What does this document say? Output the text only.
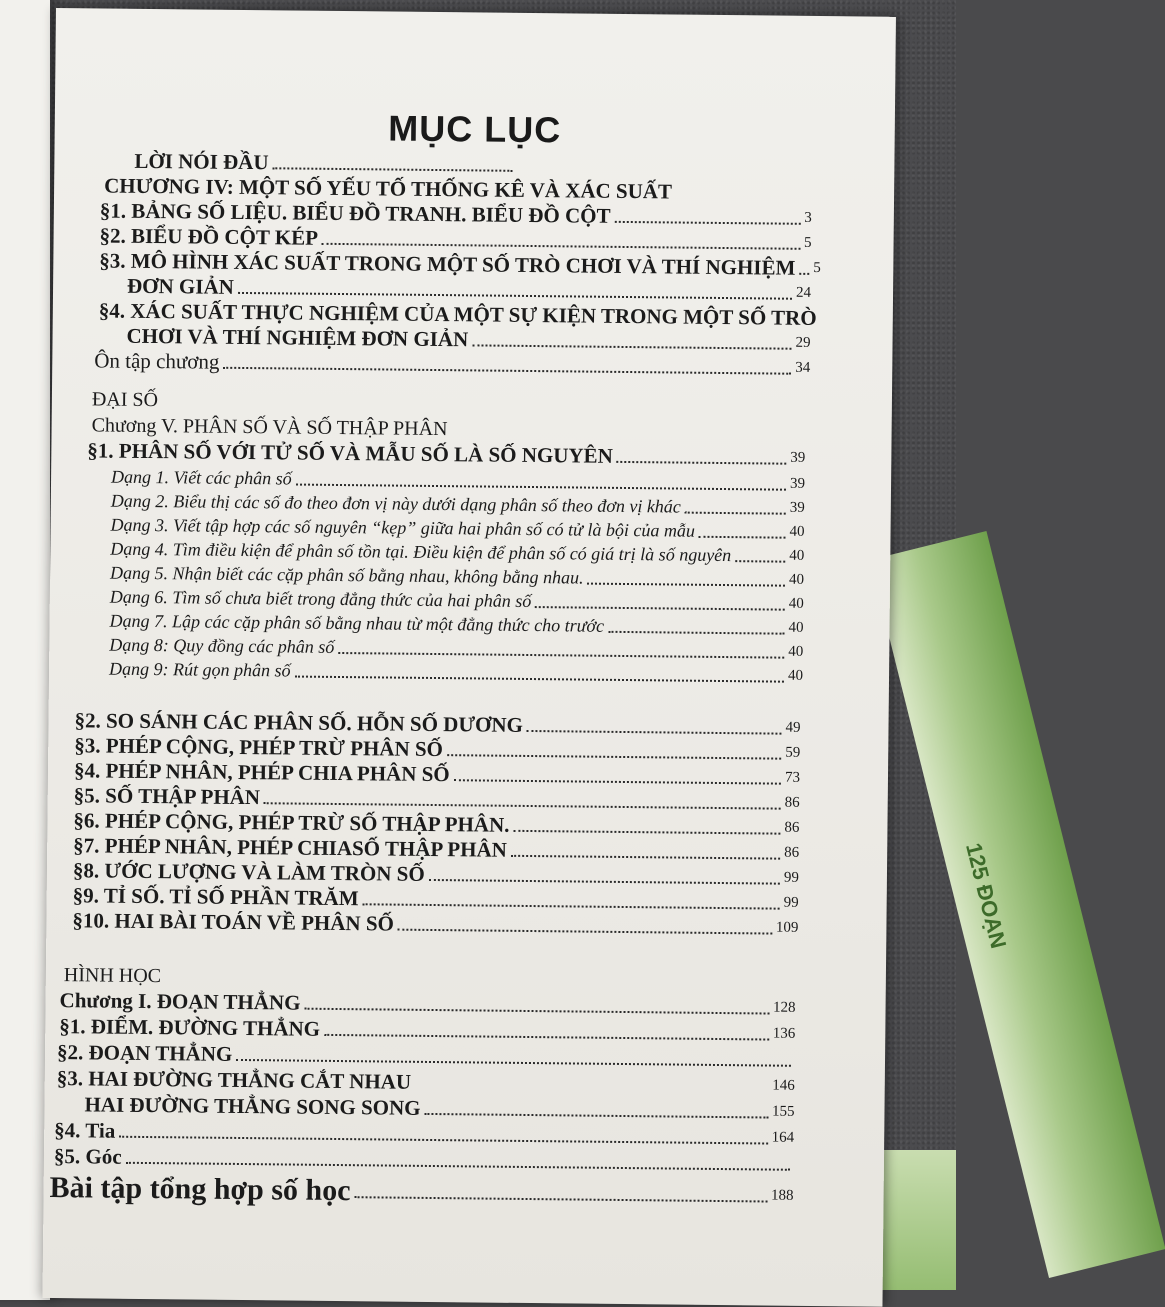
125 ĐOẠN
MỤC LỤC
LỜI NÓI ĐẦU
CHƯƠNG IV: MỘT SỐ YẾU TỐ THỐNG KÊ VÀ XÁC SUẤT
§1. BẢNG SỐ LIỆU. BIỂU ĐỒ TRANH. BIỂU ĐỒ CỘT	3
§2. BIỂU ĐỒ CỘT KÉP	5
§3. MÔ HÌNH XÁC SUẤT TRONG MỘT SỐ TRÒ CHƠI VÀ THÍ NGHIỆM 5
ĐƠN GIẢN	24
§4. XÁC SUẤT THỰC NGHIỆM CỦA MỘT SỰ KIỆN TRONG MỘT SỐ TRÒ
CHƠI VÀ THÍ NGHIỆM ĐƠN GIẢN	29
Ôn tập chương	34
ĐẠI SỐ
Chương V. PHÂN SỐ VÀ SỐ THẬP PHÂN
§1. PHÂN SỐ VỚI TỬ SỐ VÀ MẪU SỐ LÀ SỐ NGUYÊN	39
Dạng 1. Viết các phân số	39
Dạng 2. Biểu thị các số đo theo đơn vị này dưới dạng phân số theo đơn vị khác	39
Dạng 3. Viết tập hợp các số nguyên “kẹp” giữa hai phân số có tử là bội của mẫu	40
Dạng 4. Tìm điều kiện để phân số tồn tại. Điều kiện để phân số có giá trị là số nguyên	40
Dạng 5. Nhận biết các cặp phân số bằng nhau, không bằng nhau.	40
Dạng 6. Tìm số chưa biết trong đẳng thức của hai phân số	40
Dạng 7. Lập các cặp phân số bằng nhau từ một đẳng thức cho trước	40
Dạng 8: Quy đồng các phân số	40
Dạng 9: Rút gọn phân số	40
§2. SO SÁNH CÁC PHÂN SỐ. HỖN SỐ DƯƠNG	49
§3. PHÉP CỘNG, PHÉP TRỪ PHÂN SỐ	59
§4. PHÉP NHÂN, PHÉP CHIA PHÂN SỐ	73
§5. SỐ THẬP PHÂN	86
§6. PHÉP CỘNG, PHÉP TRỪ SỐ THẬP PHÂN.	86
§7. PHÉP NHÂN, PHÉP CHIASỐ THẬP PHÂN	86
§8. ƯỚC LƯỢNG VÀ LÀM TRÒN SỐ	99
§9. TỈ SỐ. TỈ SỐ PHẦN TRĂM	99
§10. HAI BÀI TOÁN VỀ PHÂN SỐ	109
HÌNH HỌC
Chương I. ĐOẠN THẲNG	128
§1. ĐIỂM. ĐƯỜNG THẲNG	136
§2. ĐOẠN THẲNG
§3. HAI ĐƯỜNG THẲNG CẮT NHAU	146
HAI ĐƯỜNG THẲNG SONG SONG	155
§4. Tia	164
§5. Góc
Bài tập tổng hợp số học	188
